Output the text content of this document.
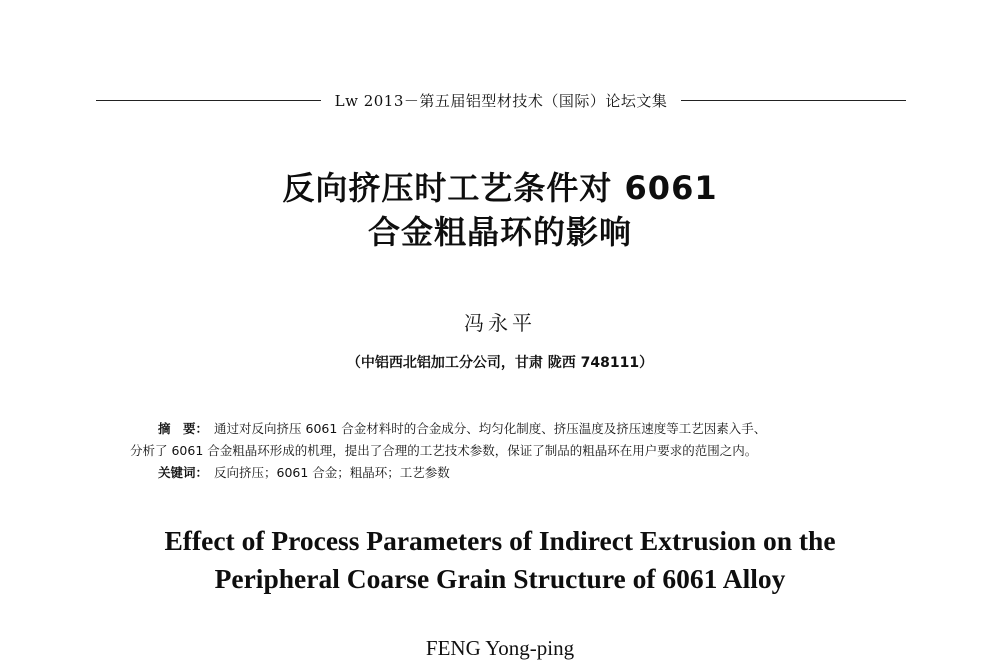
Lw 2013－第五届铝型材技术（国际）论坛文集
反向挤压时工艺条件对 6061
合金粗晶环的影响
冯永平
（中铝西北铝加工分公司，甘肃 陇西 748111）
摘　要： 通过对反向挤压 6061 合金材料时的合金成分、均匀化制度、挤压温度及挤压速度等工艺因素入手、
分析了 6061 合金粗晶环形成的机理，提出了合理的工艺技术参数，保证了制品的粗晶环在用户要求的范围之内。
关键词： 反向挤压；6061 合金；粗晶环；工艺参数
Effect of Process Parameters of Indirect Extrusion on the
Peripheral Coarse Grain Structure of 6061 Alloy
FENG Yong-ping
